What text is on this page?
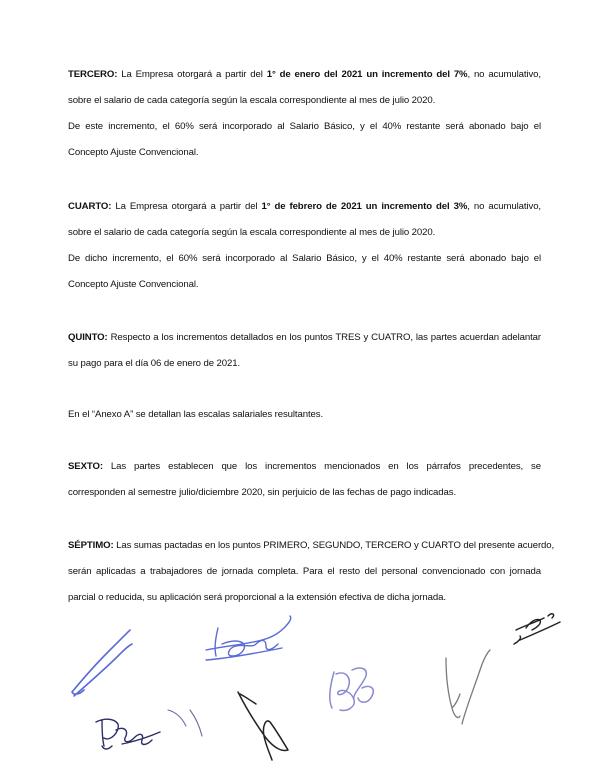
TERCERO: La Empresa otorgará a partir del 1° de enero del 2021 un incremento del 7%, no acumulativo,
sobre el salario de cada categoría según la escala correspondiente al mes de julio 2020.
De este incremento, el 60% será incorporado al Salario Básico, y el 40% restante será abonado bajo el
Concepto Ajuste Convencional.
CUARTO: La Empresa otorgará a partir del 1° de febrero de 2021 un incremento del 3%, no acumulativo,
sobre el salario de cada categoría según la escala correspondiente al mes de julio 2020.
De dicho incremento, el 60% será incorporado al Salario Básico, y el 40% restante será abonado bajo el
Concepto Ajuste Convencional.
QUINTO: Respecto a los incrementos detallados en los puntos TRES y CUATRO, las partes acuerdan adelantar
su pago para el día 06 de enero de 2021.
En el “Anexo A” se detallan las escalas salariales resultantes.
SEXTO: Las partes establecen que los incrementos mencionados en los párrafos precedentes, se
corresponden al semestre julio/diciembre 2020, sin perjuicio de las fechas de pago indicadas.
SÉPTIMO: Las sumas pactadas en los puntos PRIMERO, SEGUNDO, TERCERO y CUARTO del presente acuerdo,
serán aplicadas a trabajadores de jornada completa. Para el resto del personal convencionado con jornada
parcial o reducida, su aplicación será proporcional a la extensión efectiva de dicha jornada.
